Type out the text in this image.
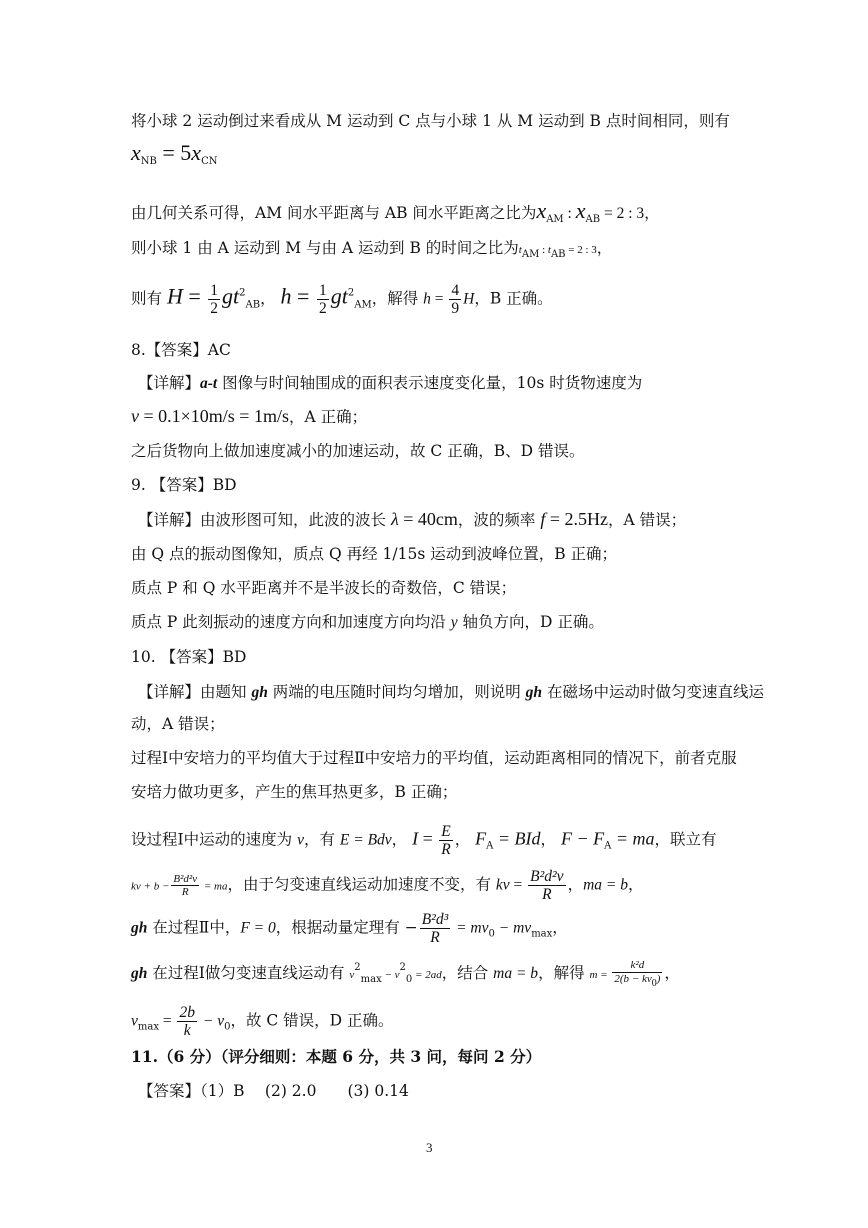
将小球 2 运动倒过来看成从 M 运动到 C 点与小球 1 从 M 运动到 B 点时间相同，则有
$x_{NB} = 5x_{CN}$
由几何关系可得，AM 间水平距离与 AB 间水平距离之比为$x_{AM}$ : $x_{AB} = 2$ : 3，
则小球 1 由 A 运动到 M 与由 A 运动到 B 的时间之比为$t_{AM}$ : $t_{AB} = 2$ : 3，
则有 $H = \frac{1}{2} gt^2_{AB}$， $h = \frac{1}{2} gt^2_{AM}$，解得 $h = \frac{4}{9}$ H，B 正确。
8.【答案】AC
【详解】a-t 图像与时间轴围成的面积表示速度变化量，10s 时货物速度为
v = 0.1×10m/s = 1m/s，A 正确；
之后货物向上做加速度减小的加速运动，故 C 正确，B、D 错误。
9. 【答案】BD
【详解】由波形图可知，此波的波长 λ = 40cm，波的频率 f = 2.5Hz，A 错误；
由 Q 点的振动图像知，质点 Q 再经 1/15s 运动到波峰位置，B 正确；
质点 P 和 Q 水平距离并不是半波长的奇数倍，C 错误；
质点 P 此刻振动的速度方向和加速度方向均沿 y 轴负方向，D 正确。
10. 【答案】BD
【详解】由题知 gh 两端的电压随时间均匀增加，则说明 gh 在磁场中运动时做匀变速直线运
动，A 错误；
过程Ⅰ中安培力的平均值大于过程Ⅱ中安培力的平均值，运动距离相同的情况下，前者克服
安培力做功更多，产生的焦耳热更多，B 正确；
设过程Ⅰ中运动的速度为 v，有 E = Bdv， $I = \frac{E}{R}$ ， $F_A$ = BId， $F - F_A$ = ma，联立有
kv + $b - \frac{\text{B²d²v}}{R}$ = ma，由于匀变速直线运动加速度不变，有 kv = $\frac{\text{B²d²v}}{R}$ ，ma = b，
gh 在过程Ⅱ中，F = 0，根据动量定理有 − $\frac{\text{B²d³}}{R} = mv_0 - mv_{max}$，
gh 在过程Ⅰ做匀变速直线运动有 $v^2_{max} - v^2_0 = 2ad$，结合 ma = b，解得 $m = \frac{\text{k²d}}{2(b - kv0)}$ ，
$v_{max} = \frac{2b}{k} - v_0$，故 C 错误，D 正确。
11.（6 分）（评分细则：本题 6 分，共 3 问，每问 2 分）
【答案】（1）B　 (2) 2.0　　(3) 0.14
3
